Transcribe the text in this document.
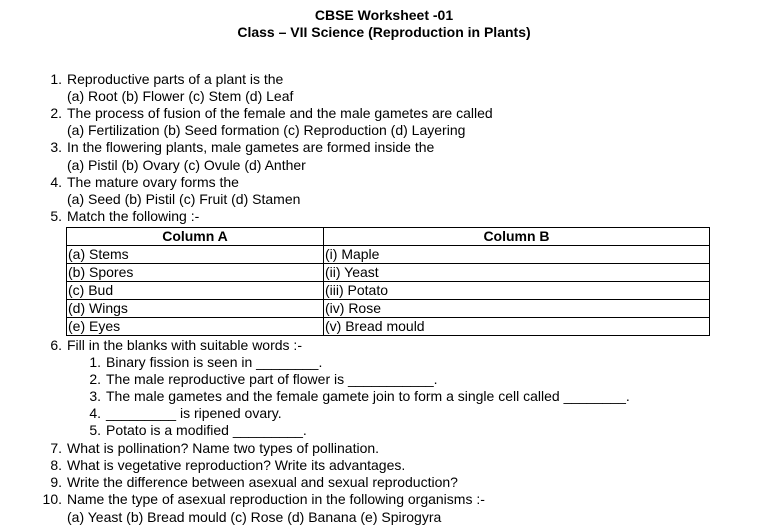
CBSE Worksheet -01
Class – VII Science (Reproduction in Plants)
1. Reproductive parts of a plant is the
(a) Root (b) Flower (c) Stem (d) Leaf
2. The process of fusion of the female and the male gametes are called
(a) Fertilization (b) Seed formation (c) Reproduction (d) Layering
3. In the flowering plants, male gametes are formed inside the
(a) Pistil (b) Ovary (c) Ovule (d) Anther
4. The mature ovary forms the
(a) Seed (b) Pistil (c) Fruit (d) Stamen
5. Match the following :-
Column A	Column B
(a) Stems	(i) Maple
(b) Spores	(ii) Yeast
(c) Bud	(iii) Potato
(d) Wings	(iv) Rose
(e) Eyes	(v) Bread mould
6. Fill in the blanks with suitable words :-
1. Binary fission is seen in ________.
2. The male reproductive part of flower is ___________.
3. The male gametes and the female gamete join to form a single cell called ________.
4. _________ is ripened ovary.
5. Potato is a modified _________.
7. What is pollination? Name two types of pollination.
8. What is vegetative reproduction? Write its advantages.
9. Write the difference between asexual and sexual reproduction?
10. Name the type of asexual reproduction in the following organisms :-
(a) Yeast (b) Bread mould (c) Rose (d) Banana (e) Spirogyra
